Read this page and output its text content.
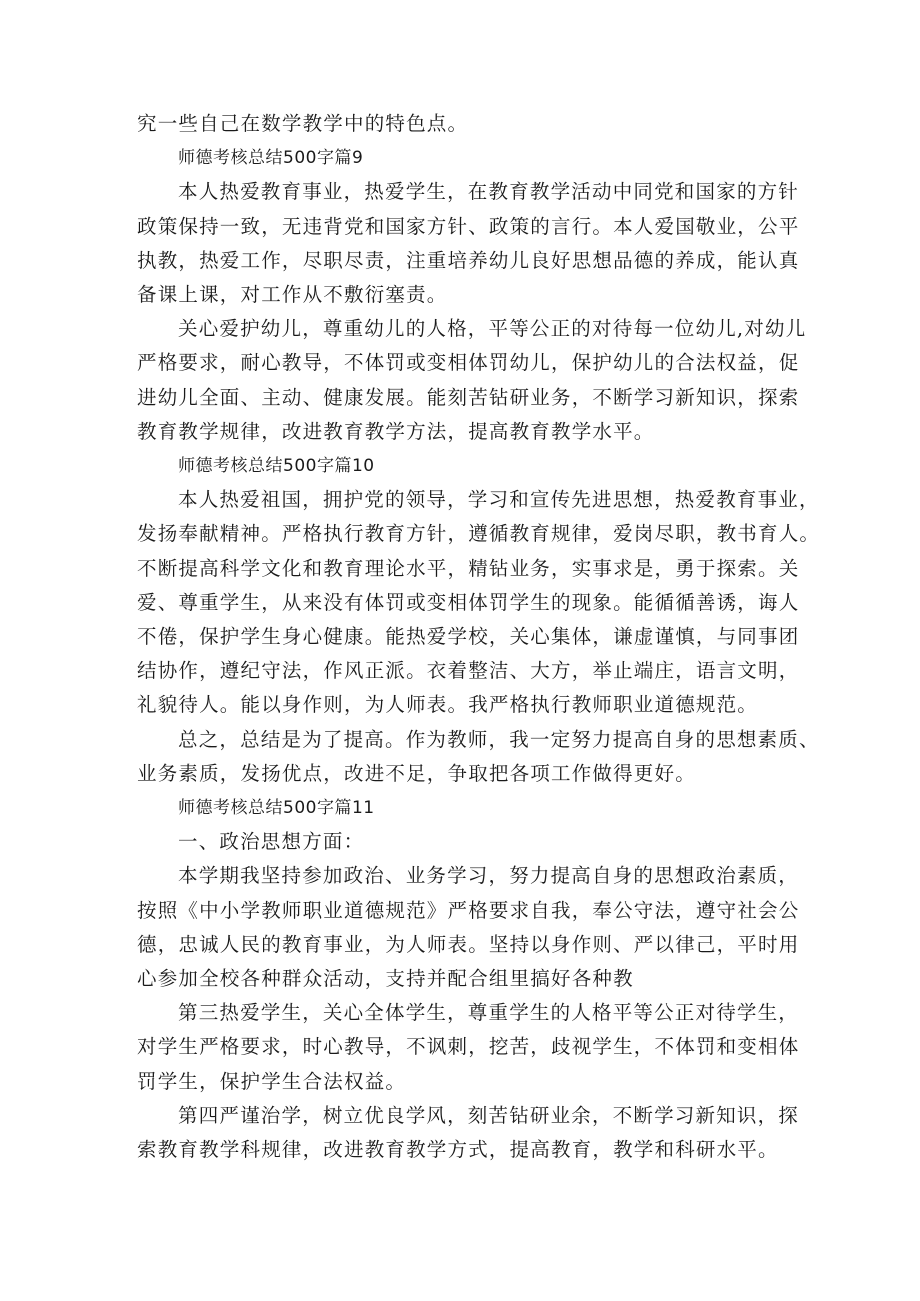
究一些自己在数学教学中的特色点。
师德考核总结500字篇9
本人热爱教育事业，热爱学生，在教育教学活动中同党和国家的方针
政策保持一致，无违背党和国家方针、政策的言行。本人爱国敬业，公平
执教，热爱工作，尽职尽责，注重培养幼儿良好思想品德的养成，能认真
备课上课，对工作从不敷衍塞责。
关心爱护幼儿，尊重幼儿的人格，平等公正的对待每一位幼儿,对幼儿
严格要求，耐心教导，不体罚或变相体罚幼儿，保护幼儿的合法权益，促
进幼儿全面、主动、健康发展。能刻苦钻研业务，不断学习新知识，探索
教育教学规律，改进教育教学方法，提高教育教学水平。
师德考核总结500字篇10
本人热爱祖国，拥护党的领导，学习和宣传先进思想，热爱教育事业，
发扬奉献精神。严格执行教育方针，遵循教育规律，爱岗尽职，教书育人。
不断提高科学文化和教育理论水平，精钻业务，实事求是，勇于探索。关
爱、尊重学生，从来没有体罚或变相体罚学生的现象。能循循善诱，诲人
不倦，保护学生身心健康。能热爱学校，关心集体，谦虚谨慎，与同事团
结协作，遵纪守法，作风正派。衣着整洁、大方，举止端庄，语言文明，
礼貌待人。能以身作则，为人师表。我严格执行教师职业道德规范。
总之，总结是为了提高。作为教师，我一定努力提高自身的思想素质、
业务素质，发扬优点，改进不足，争取把各项工作做得更好。
师德考核总结500字篇11
一、政治思想方面：
本学期我坚持参加政治、业务学习，努力提高自身的思想政治素质，
按照《中小学教师职业道德规范》严格要求自我，奉公守法，遵守社会公
德，忠诚人民的教育事业，为人师表。坚持以身作则、严以律己，平时用
心参加全校各种群众活动，支持并配合组里搞好各种教
第三热爱学生，关心全体学生，尊重学生的人格平等公正对待学生，
对学生严格要求，时心教导，不讽刺，挖苦，歧视学生，不体罚和变相体
罚学生，保护学生合法权益。
第四严谨治学，树立优良学风，刻苦钻研业余，不断学习新知识，探
索教育教学科规律，改进教育教学方式，提高教育，教学和科研水平。
